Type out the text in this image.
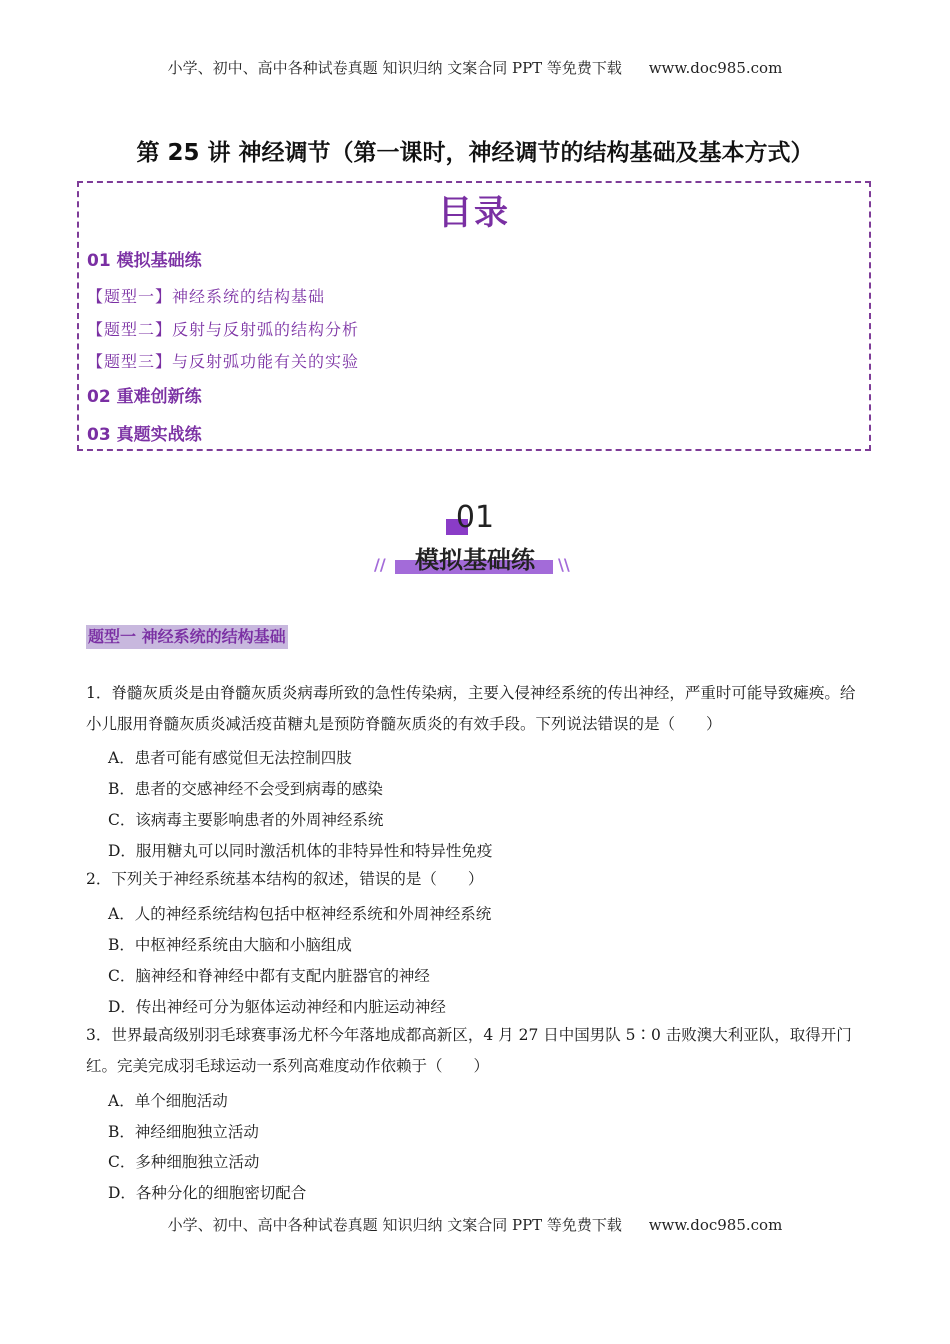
小学、初中、高中各种试卷真题 知识归纳 文案合同 PPT 等免费下载 www.doc985.com
第 25 讲 神经调节（第一课时，神经调节的结构基础及基本方式）
目录
01 模拟基础练
【题型一】神经系统的结构基础
【题型二】反射与反射弧的结构分析
【题型三】与反射弧功能有关的实验
02 重难创新练
03 真题实战练
01
模拟基础练
//	\\
题型一 神经系统的结构基础
1．脊髓灰质炎是由脊髓灰质炎病毒所致的急性传染病，主要入侵神经系统的传出神经，严重时可能导致瘫痪。给小儿服用脊髓灰质炎减活疫苗糖丸是预防脊髓灰质炎的有效手段。下列说法错误的是（　　）
A．患者可能有感觉但无法控制四肢
B．患者的交感神经不会受到病毒的感染
C．该病毒主要影响患者的外周神经系统
D．服用糖丸可以同时激活机体的非特异性和特异性免疫
2．下列关于神经系统基本结构的叙述，错误的是（　　）
A．人的神经系统结构包括中枢神经系统和外周神经系统
B．中枢神经系统由大脑和小脑组成
C．脑神经和脊神经中都有支配内脏器官的神经
D．传出神经可分为躯体运动神经和内脏运动神经
3．世界最高级别羽毛球赛事汤尤杯今年落地成都高新区，4 月 27 日中国男队 5∶0 击败澳大利亚队，取得开门红。完美完成羽毛球运动一系列高难度动作依赖于（　　）
A．单个细胞活动
B．神经细胞独立活动
C．多种细胞独立活动
D．各种分化的细胞密切配合
小学、初中、高中各种试卷真题 知识归纳 文案合同 PPT 等免费下载 www.doc985.com
